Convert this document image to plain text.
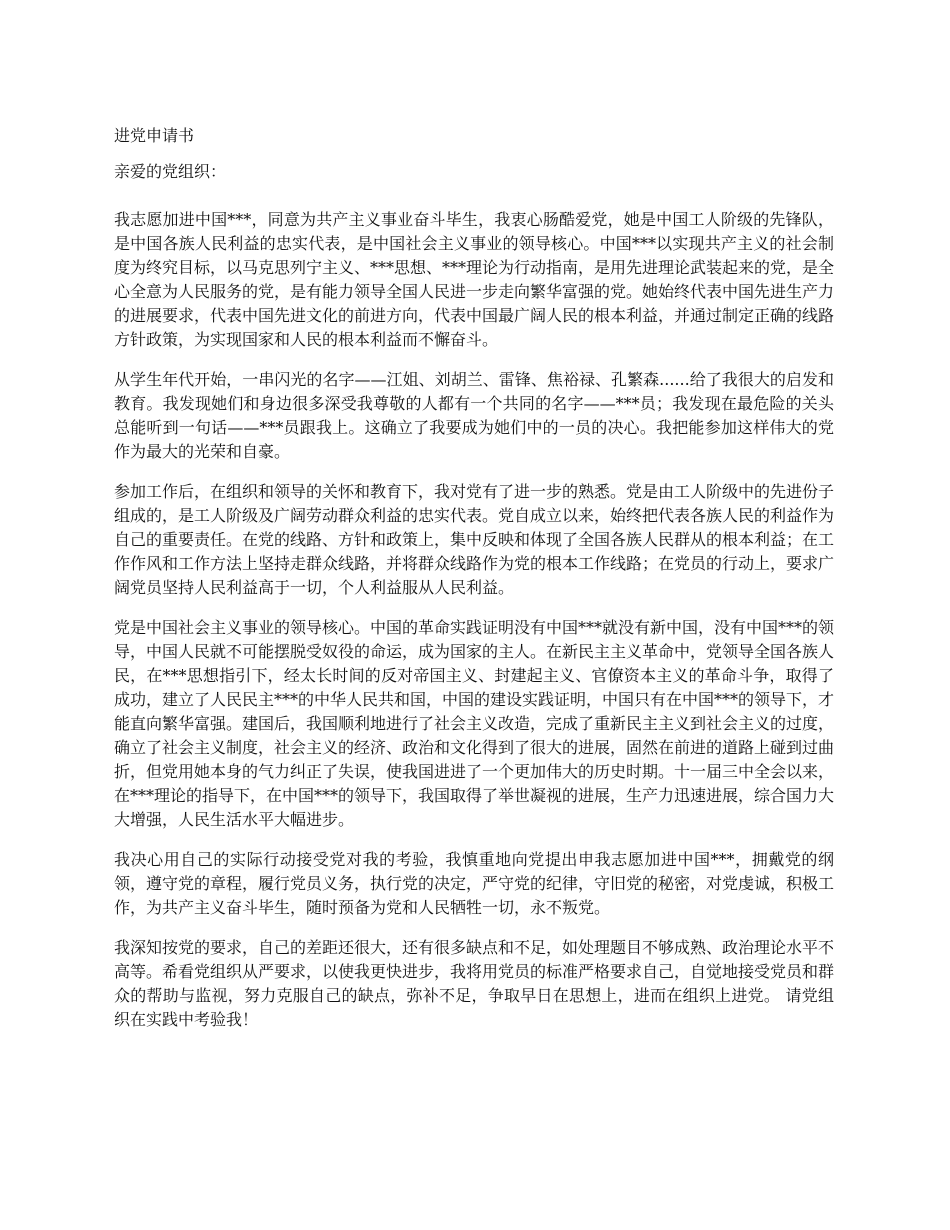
进党申请书
亲爱的党组织：

我志愿加进中国***，同意为共产主义事业奋斗毕生，我衷心肠酷爱党，她是中国工人阶级的先锋队，是中国各族人民利益的忠实代表，是中国社会主义事业的领导核心。中国***以实现共产主义的社会制度为终究目标，以马克思列宁主义、***思想、***理论为行动指南，是用先进理论武装起来的党，是全心全意为人民服务的党，是有能力领导全国人民进一步走向繁华富强的党。她始终代表中国先进生产力的进展要求，代表中国先进文化的前进方向，代表中国最广阔人民的根本利益，并通过制定正确的线路方针政策，为实现国家和人民的根本利益而不懈奋斗。

从学生年代开始，一串闪光的名字——江姐、刘胡兰、雷锋、焦裕禄、孔繁森......给了我很大的启发和教育。我发现她们和身边很多深受我尊敬的人都有一个共同的名字——***员；我发现在最危险的关头总能听到一句话——***员跟我上。这确立了我要成为她们中的一员的决心。我把能参加这样伟大的党作为最大的光荣和自豪。

参加工作后，在组织和领导的关怀和教育下，我对党有了进一步的熟悉。党是由工人阶级中的先进份子组成的，是工人阶级及广阔劳动群众利益的忠实代表。党自成立以来，始终把代表各族人民的利益作为自己的重要责任。在党的线路、方针和政策上，集中反映和体现了全国各族人民群从的根本利益；在工作作风和工作方法上坚持走群众线路，并将群众线路作为党的根本工作线路；在党员的行动上，要求广阔党员坚持人民利益高于一切，个人利益服从人民利益。

党是中国社会主义事业的领导核心。中国的革命实践证明没有中国***就没有新中国，没有中国***的领导，中国人民就不可能摆脱受奴役的命运，成为国家的主人。在新民主主义革命中，党领导全国各族人民，在***思想指引下，经太长时间的反对帝国主义、封建起主义、官僚资本主义的革命斗争，取得了成功，建立了人民民主***的中华人民共和国，中国的建设实践证明，中国只有在中国***的领导下，才能直向繁华富强。建国后，我国顺利地进行了社会主义改造，完成了重新民主主义到社会主义的过度，确立了社会主义制度，社会主义的经济、政治和文化得到了很大的进展，固然在前进的道路上碰到过曲折，但党用她本身的气力纠正了失误，使我国进进了一个更加伟大的历史时期。十一届三中全会以来，在***理论的指导下，在中国***的领导下，我国取得了举世凝视的进展，生产力迅速进展，综合国力大大增强，人民生活水平大幅进步。

我决心用自己的实际行动接受党对我的考验，我慎重地向党提出申我志愿加进中国***，拥戴党的纲领，遵守党的章程，履行党员义务，执行党的决定，严守党的纪律，守旧党的秘密，对党虔诚，积极工作，为共产主义奋斗毕生，随时预备为党和人民牺牲一切，永不叛党。

我深知按党的要求，自己的差距还很大，还有很多缺点和不足，如处理题目不够成熟、政治理论水平不高等。希看党组织从严要求，以使我更快进步，我将用党员的标准严格要求自己，自觉地接受党员和群众的帮助与监视，努力克服自己的缺点，弥补不足，争取早日在思想上，进而在组织上进党。 请党组织在实践中考验我！
